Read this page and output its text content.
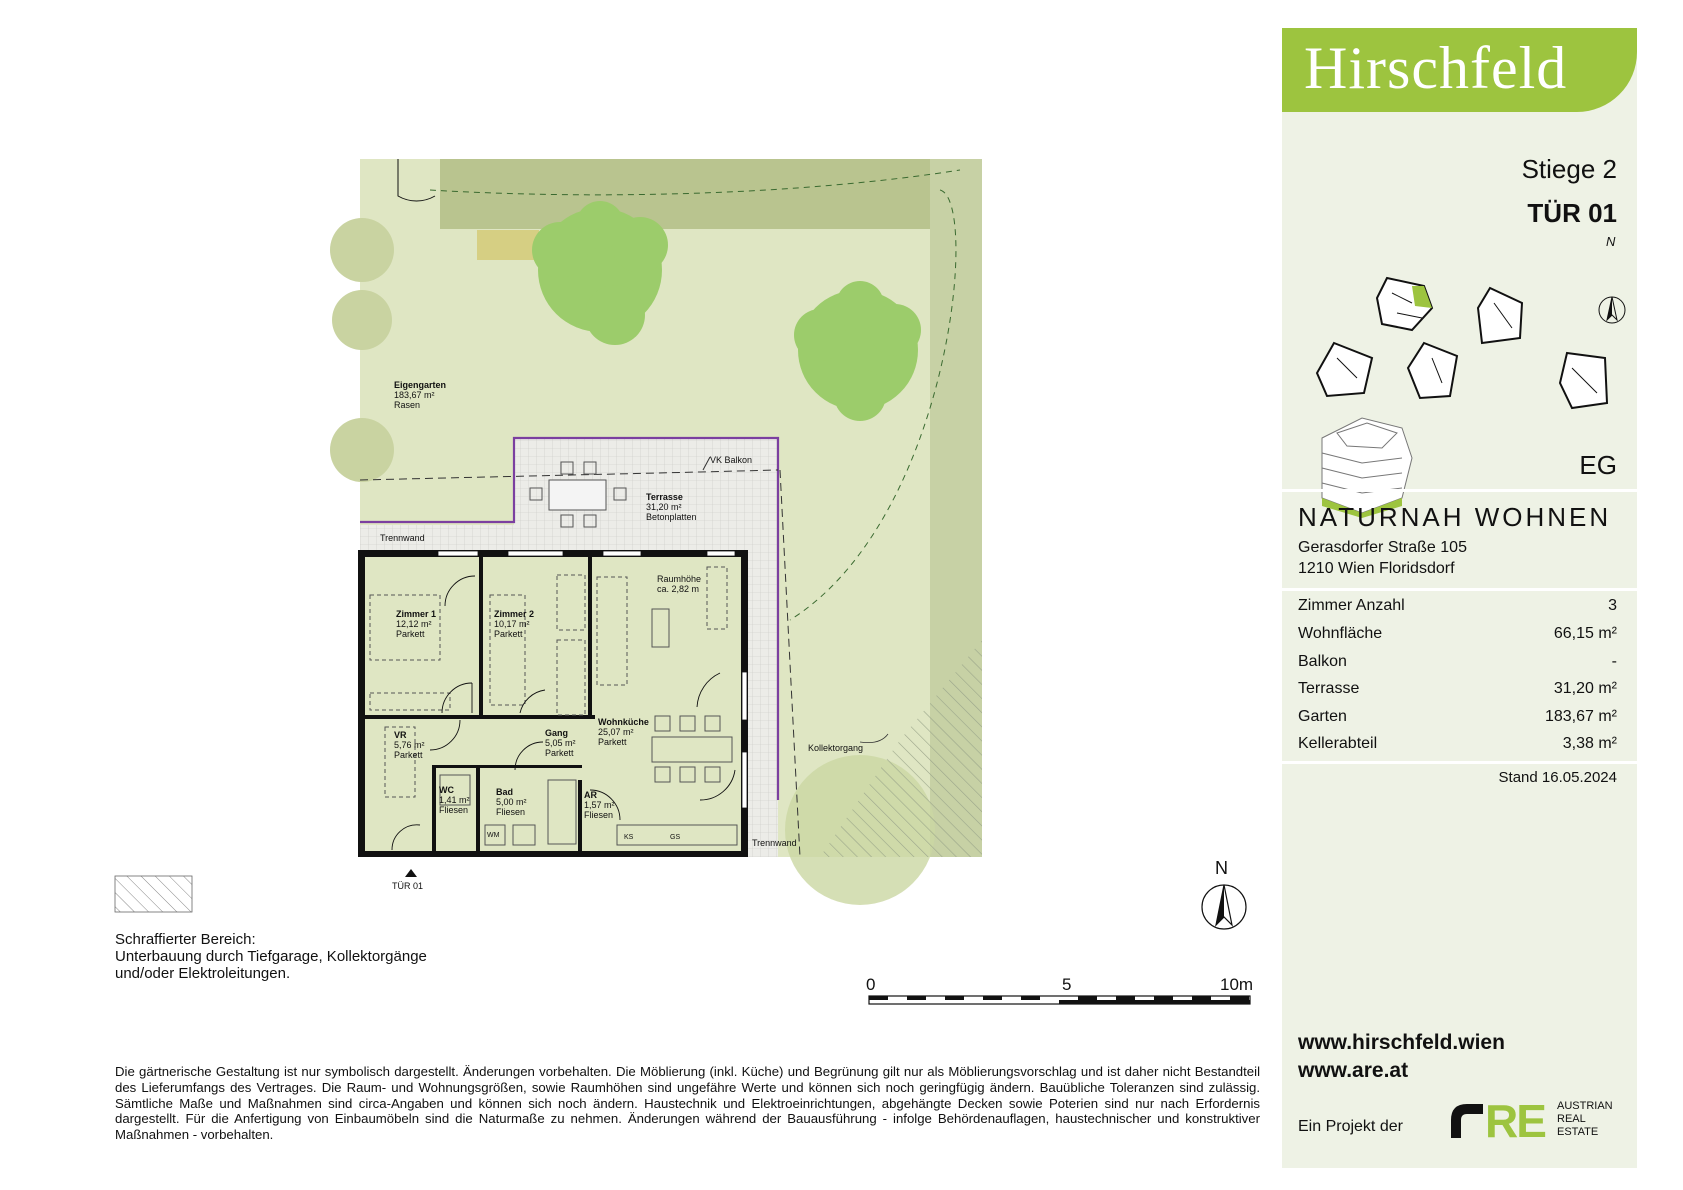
Eigengarten
183,67 m²
Rasen
Terrasse
31,20 m²
Betonplatten
VK Balkon
Trennwand
Trennwand
Kollektorgang
Raumhöhe
ca. 2,82 m
Zimmer 1
12,12 m²
Parkett
Zimmer 2
10,17 m²
Parkett
Wohnküche
25,07 m²
Parkett
VR
5,76 m²
Parkett
Gang
5,05 m²
Parkett
WC
1,41 m²
Fliesen
Bad
5,00 m²
Fliesen
AR
1,57 m²
Fliesen
WM	KS	GS
TÜR 01
Schraffierter Bereich:
Unterbauung durch Tiefgarage, Kollektorgänge
und/oder Elektroleitungen.
0	5	10m
N
Die gärtnerische Gestaltung ist nur symbolisch dargestellt. Änderungen vorbehalten. Die Möblierung (inkl. Küche) und Begrünung gilt nur als Möblierungsvorschlag und ist daher nicht Bestandteil des Lieferumfangs des Vertrages. Die Raum- und Wohnungsgrößen, sowie Raumhöhen sind ungefähre Werte und können sich noch geringfügig ändern. Bauübliche Toleranzen sind zulässig. Sämtliche Maße und Maßnahmen sind circa-Angaben und können sich noch ändern. Haustechnik und Elektroeinrichtungen, abgehängte Decken sowie Poterien sind nur nach Erfordernis dargestellt. Für die Anfertigung von Einbaumöbeln sind die Naturmaße zu nehmen. Änderungen während der Bauausführung - infolge Behördenauflagen, haustechnischer und konstruktiver Maßnahmen - vorbehalten.
Hirschfeld
Stiege 2
TÜR 01
N
EG
NATURNAH WOHNEN
Gerasdorfer Straße 105
1210 Wien Floridsdorf
Zimmer Anzahl	3
Wohnfläche	66,15 m²
Balkon	-
Terrasse	31,20 m²
Garten	183,67 m²
Kellerabteil	3,38 m²
Stand 16.05.2024
www.hirschfeld.wien
www.are.at
Ein Projekt der RE AUSTRIAN
REAL
ESTATE
